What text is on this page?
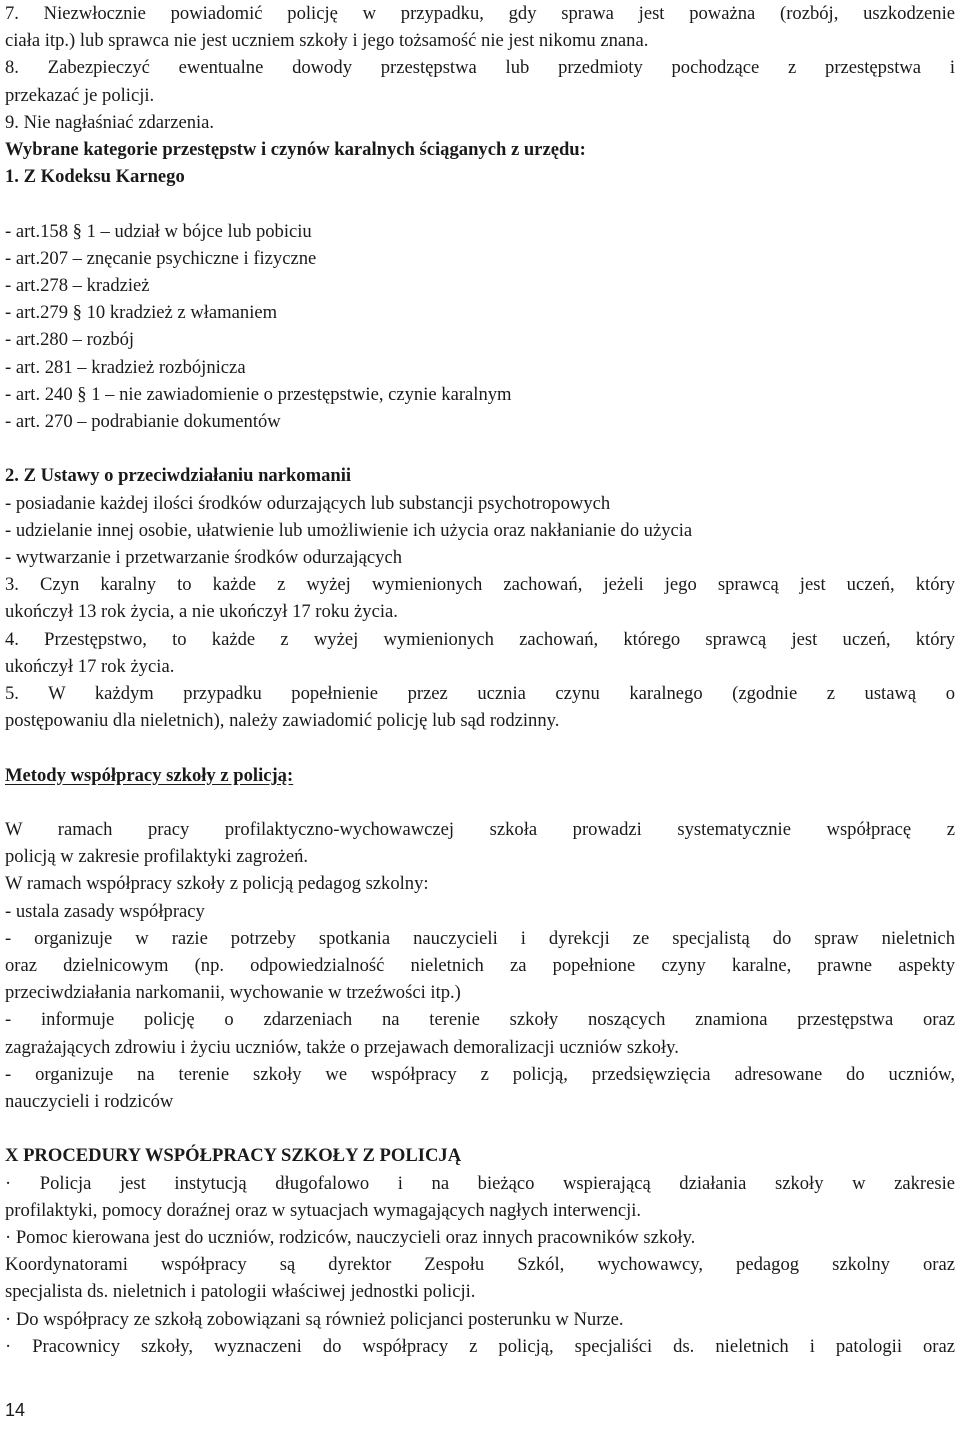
7. Niezwłocznie powiadomić policję w przypadku, gdy sprawa jest poważna (rozbój, uszkodzenie
ciała itp.) lub sprawca nie jest uczniem szkoły i jego tożsamość nie jest nikomu znana.
8. Zabezpieczyć ewentualne dowody przestępstwa lub przedmioty pochodzące z przestępstwa i
przekazać je policji.
9. Nie nagłaśniać zdarzenia.
Wybrane kategorie przestępstw i czynów karalnych ściąganych z urzędu:
1. Z Kodeksu Karnego
- art.158 § 1 – udział w bójce lub pobiciu
- art.207 – znęcanie psychiczne i fizyczne
- art.278 – kradzież
- art.279 § 10 kradzież z włamaniem
- art.280 – rozbój
- art. 281 – kradzież rozbójnicza
- art. 240 § 1 – nie zawiadomienie o przestępstwie, czynie karalnym
- art. 270 – podrabianie dokumentów
2. Z Ustawy o przeciwdziałaniu narkomanii
- posiadanie każdej ilości środków odurzających lub substancji psychotropowych
- udzielanie innej osobie, ułatwienie lub umożliwienie ich użycia oraz nakłanianie do użycia
- wytwarzanie i przetwarzanie środków odurzających
3. Czyn karalny to każde z wyżej wymienionych zachowań, jeżeli jego sprawcą jest uczeń, który
ukończył 13 rok życia, a nie ukończył 17 roku życia.
4. Przestępstwo, to każde z wyżej wymienionych zachowań, którego sprawcą jest uczeń, który
ukończył 17 rok życia.
5. W każdym przypadku popełnienie przez ucznia czynu karalnego (zgodnie z ustawą o
postępowaniu dla nieletnich), należy zawiadomić policję lub sąd rodzinny.
Metody współpracy szkoły z policją:
W ramach pracy profilaktyczno-wychowawczej szkoła prowadzi systematycznie współpracę z
policją w zakresie profilaktyki zagrożeń.
W ramach współpracy szkoły z policją pedagog szkolny:
- ustala zasady współpracy
- organizuje w razie potrzeby spotkania nauczycieli i dyrekcji ze specjalistą do spraw nieletnich
oraz dzielnicowym (np. odpowiedzialność nieletnich za popełnione czyny karalne, prawne aspekty
przeciwdziałania narkomanii, wychowanie w trzeźwości itp.)
- informuje policję o zdarzeniach na terenie szkoły noszących znamiona przestępstwa oraz
zagrażających zdrowiu i życiu uczniów, także o przejawach demoralizacji uczniów szkoły.
- organizuje na terenie szkoły we współpracy z policją, przedsięwzięcia adresowane do uczniów,
nauczycieli i rodziców
X PROCEDURY WSPÓŁPRACY SZKOŁY Z POLICJĄ
· Policja jest instytucją długofalowo i na bieżąco wspierającą działania szkoły w zakresie
profilaktyki, pomocy doraźnej oraz w sytuacjach wymagających nagłych interwencji.
· Pomoc kierowana jest do uczniów, rodziców, nauczycieli oraz innych pracowników szkoły.
Koordynatorami współpracy są dyrektor Zespołu Szkól, wychowawcy, pedagog szkolny oraz
specjalista ds. nieletnich i patologii właściwej jednostki policji.
· Do współpracy ze szkołą zobowiązani są również policjanci posterunku w Nurze.
· Pracownicy szkoły, wyznaczeni do współpracy z policją, specjaliści ds. nieletnich i patologii oraz
14
